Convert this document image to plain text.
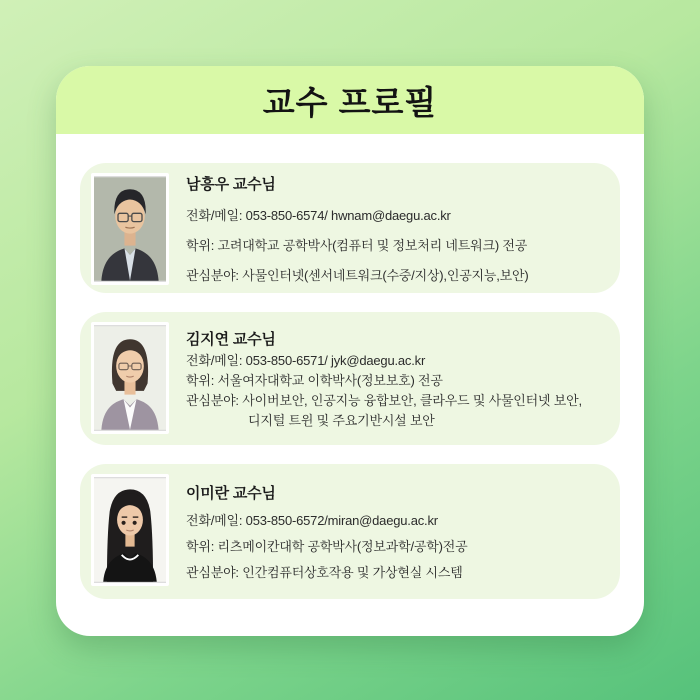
교수 프로필
남흥우 교수님
전화/메일: 053-850-6574/ hwnam@daegu.ac.kr
학위: 고려대학교 공학박사(컴퓨터 및 정보처리 네트워크) 전공
관심분야: 사물인터넷(센서네트워크(수중/지상),인공지능,보안)
김지연 교수님
전화/메일: 053-850-6571/ jyk@daegu.ac.kr
학위: 서울여자대학교 이학박사(정보보호) 전공
관심분야: 사이버보안, 인공지능 융합보안, 클라우드 및 사물인터넷 보안,
디지털 트윈 및 주요기반시설 보안
이미란 교수님
전화/메일: 053-850-6572/miran@daegu.ac.kr
학위: 리츠메이칸대학 공학박사(정보과학/공학)전공
관심분야: 인간컴퓨터상호작용 및 가상현실 시스템
